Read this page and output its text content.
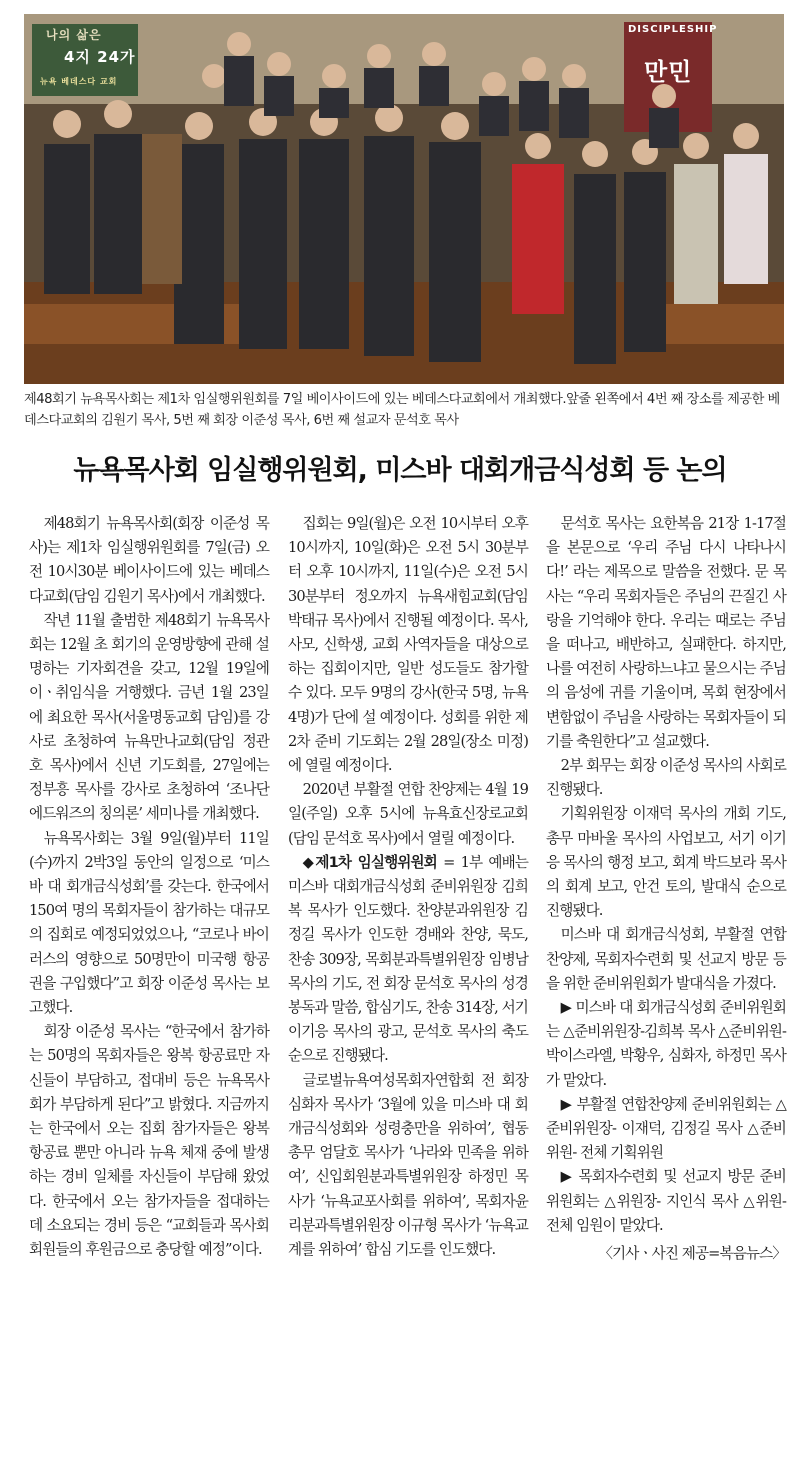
나의 삶은
4지 24가
뉴욕 베데스다 교회
DISCIPLESHIP
만민
제48회기 뉴욕목사회는 제1차 임실행위원회를 7일 베이사이드에 있는 베데스다교회에서 개최했다.앞줄 왼쪽에서 4번 째 장소를 제공한 베데스다교회의 김원기 목사, 5번 째 회장 이준성 목사, 6번 째 설교자 문석호 목사
뉴욕목사회 임실행위원회, 미스바 대회개금식성회 등 논의

제48회기 뉴욕목사회(회장 이준성 목사)는 제1차 임실행위원회를 7일(금) 오전 10시30분 베이사이드에 있는 베데스다교회(담임 김원기 목사)에서 개최했다.

작년 11월 출범한 제48회기 뉴욕목사회는 12월 초 회기의 운영방향에 관해 설명하는 기자회견을 갖고, 12월 19일에 이ㆍ취임식을 거행했다. 금년 1월 23일에 최요한 목사(서울명동교회 담임)를 강사로 초청하여 뉴욕만나교회(담임 정관호 목사)에서 신년 기도회를, 27일에는 정부흥 목사를 강사로 초청하여 ‘조나단 에드워즈의 칭의론’ 세미나를 개최했다.

뉴욕목사회는 3월 9일(월)부터 11일(수)까지 2박3일 동안의 일정으로 ‘미스바 대 회개금식성회’를 갖는다. 한국에서 150여 명의 목회자들이 참가하는 대규모의 집회로 예정되었었으나, “코로나 바이러스의 영향으로 50명만이 미국행 항공권을 구입했다”고 회장 이준성 목사는 보고했다.

회장 이준성 목사는 “한국에서 참가하는 50명의 목회자들은 왕복 항공료만 자신들이 부담하고, 접대비 등은 뉴욕목사회가 부담하게 된다”고 밝혔다. 지금까지는 한국에서 오는 집회 참가자들은 왕복 항공료 뿐만 아니라 뉴욕 체재 중에 발생하는 경비 일체를 자신들이 부담해 왔었다. 한국에서 오는 참가자들을 접대하는 데 소요되는 경비 등은 “교회들과 목사회 회원들의 후원금으로 충당할 예정”이다.

집회는 9일(월)은 오전 10시부터 오후 10시까지, 10일(화)은 오전 5시 30분부터 오후 10시까지, 11일(수)은 오전 5시 30분부터 정오까지 뉴욕새힘교회(담임 박태규 목사)에서 진행될 예정이다. 목사, 사모, 신학생, 교회 사역자들을 대상으로 하는 집회이지만, 일반 성도들도 참가할 수 있다. 모두 9명의 강사(한국 5명, 뉴욕 4명)가 단에 설 예정이다. 성회를 위한 제2차 준비 기도회는 2월 28일(장소 미정)에 열릴 예정이다.

2020년 부활절 연합 찬양제는 4월 19일(주일) 오후 5시에 뉴욕효신장로교회(담임 문석호 목사)에서 열릴 예정이다.

◆제1차 임실행위원회 = 1부 예배는 미스바 대회개금식성회 준비위원장 김희복 목사가 인도했다. 찬양분과위원장 김정길 목사가 인도한 경배와 찬양, 묵도, 찬송 309장, 목회분과특별위원장 임병남 목사의 기도, 전 회장 문석호 목사의 성경 봉독과 말씀, 합심기도, 찬송 314장, 서기 이기응 목사의 광고, 문석호 목사의 축도 순으로 진행됐다.

글로벌뉴욕여성목회자연합회 전 회장 심화자 목사가 ‘3월에 있을 미스바 대 회개금식성회와 성령충만을 위하여’, 협동총무 엄달호 목사가 ‘나라와 민족을 위하여’, 신입회원분과특별위원장 하정민 목사가 ‘뉴욕교포사회를 위하여’, 목회자윤리분과특별위원장 이규형 목사가 ‘뉴욕교계를 위하여’ 합심 기도를 인도했다.

문석호 목사는 요한복음 21장 1-17절을 본문으로 ‘우리 주님 다시 나타나시다!’ 라는 제목으로 말씀을 전했다. 문 목사는 “우리 목회자들은 주님의 끈질긴 사랑을 기억해야 한다. 우리는 때로는 주님을 떠나고, 배반하고, 실패한다. 하지만, 나를 여전히 사랑하느냐고 물으시는 주님의 음성에 귀를 기울이며, 목회 현장에서 변함없이 주님을 사랑하는 목회자들이 되기를 축원한다”고 설교했다.

2부 회무는 회장 이준성 목사의 사회로 진행됐다.

기획위원장 이재덕 목사의 개회 기도, 총무 마바울 목사의 사업보고, 서기 이기응 목사의 행정 보고, 회계 박드보라 목사의 회계 보고, 안건 토의, 발대식 순으로 진행됐다.

미스바 대 회개금식성회, 부활절 연합찬양제, 목회자수련회 및 선교지 방문 등을 위한 준비위원회가 발대식을 가졌다.

▶ 미스바 대 회개금식성회 준비위원회는 △준비위원장-김희복 목사 △준비위원- 박이스라엘, 박황우, 심화자, 하정민 목사가 맡았다.

▶ 부활절 연합찬양제 준비위원회는 △준비위원장- 이재덕, 김정길 목사 △준비위원- 전체 기획위원

▶ 목회자수련회 및 선교지 방문 준비위원회는 △위원장- 지인식 목사 △위원- 전체 임원이 맡았다.

〈기사ㆍ사진 제공=복음뉴스〉
